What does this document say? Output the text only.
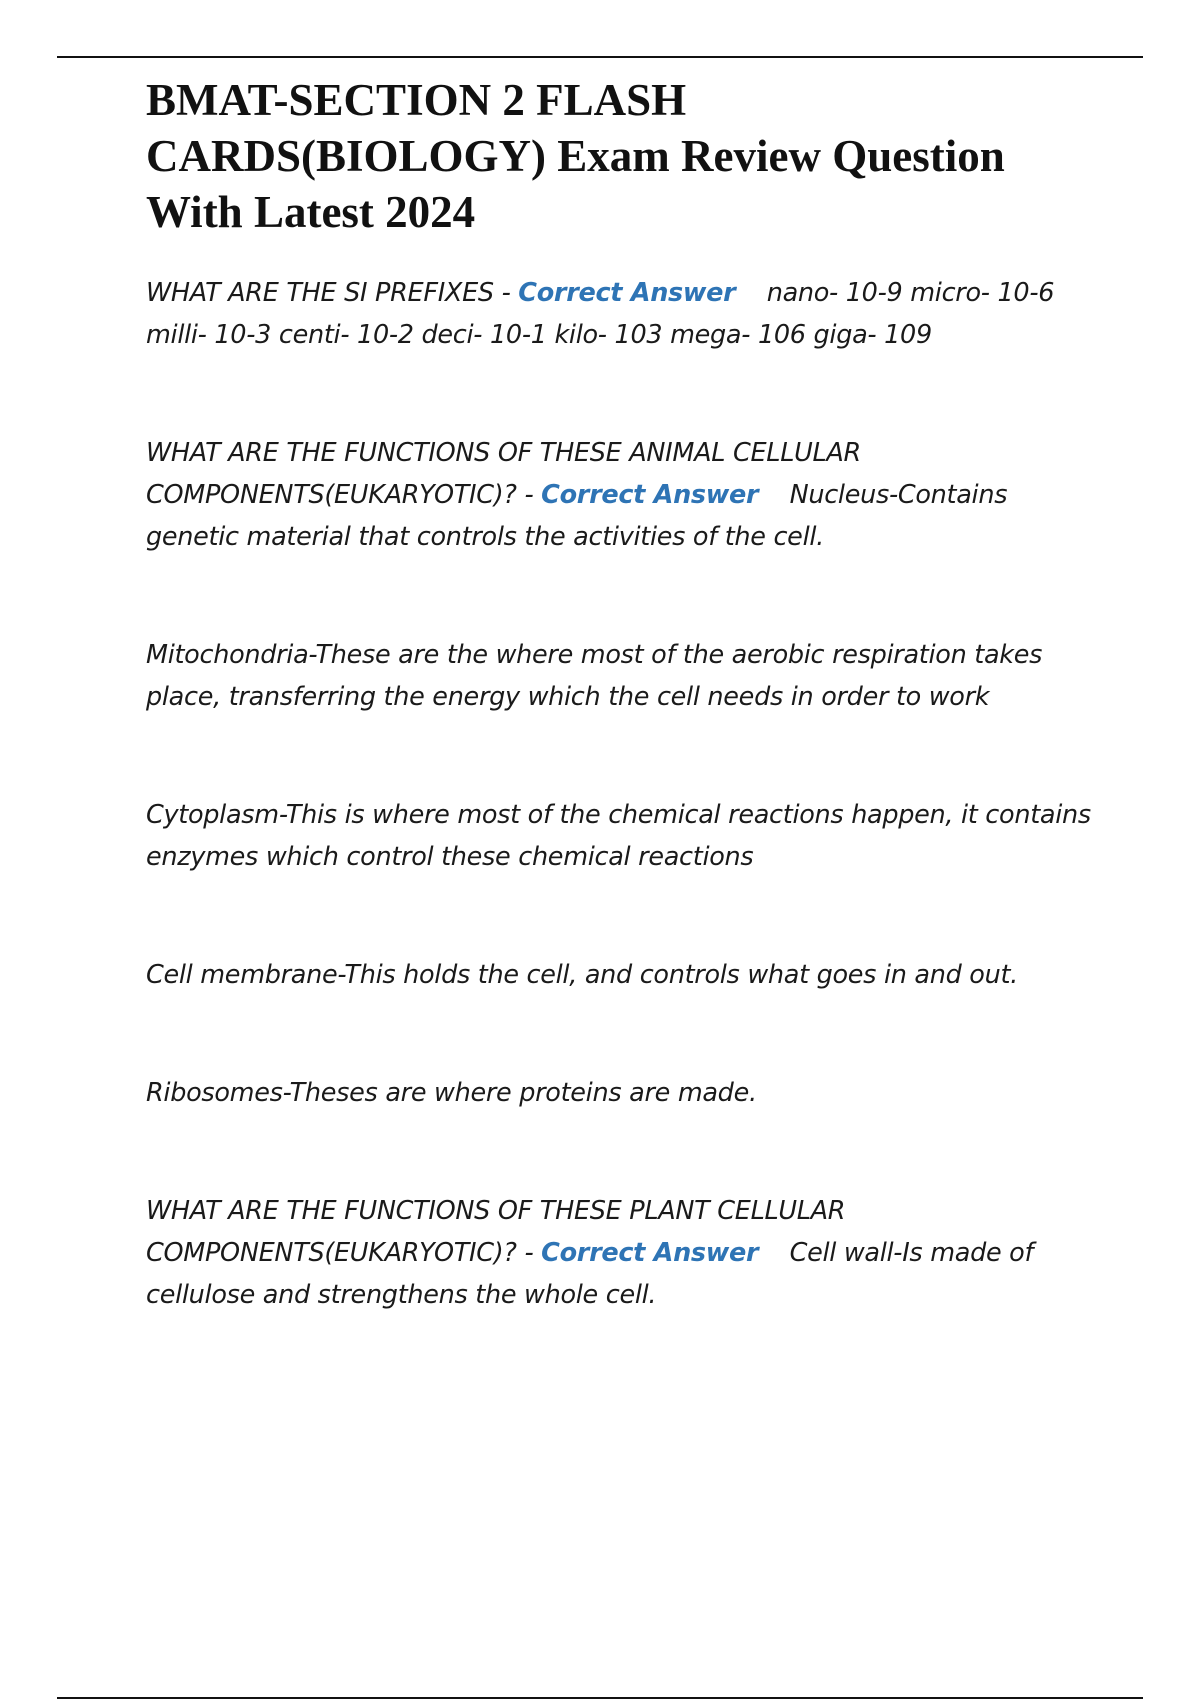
BMAT-SECTION 2 FLASH CARDS(BIOLOGY) Exam Review Question With Latest 2024

WHAT ARE THE SI PREFIXES - Correct Answer nano- 10-9 micro- 10-6 milli- 10-3 centi- 10-2 deci- 10-1 kilo- 103 mega- 106 giga- 109

WHAT ARE THE FUNCTIONS OF THESE ANIMAL CELLULAR COMPONENTS(EUKARYOTIC)? - Correct Answer Nucleus-Contains genetic material that controls the activities of the cell.

Mitochondria-These are the where most of the aerobic respiration takes place, transferring the energy which the cell needs in order to work

Cytoplasm-This is where most of the chemical reactions happen, it contains enzymes which control these chemical reactions

Cell membrane-This holds the cell, and controls what goes in and out.

Ribosomes-Theses are where proteins are made.

WHAT ARE THE FUNCTIONS OF THESE PLANT CELLULAR COMPONENTS(EUKARYOTIC)? - Correct Answer Cell wall-Is made of cellulose and strengthens the whole cell.
